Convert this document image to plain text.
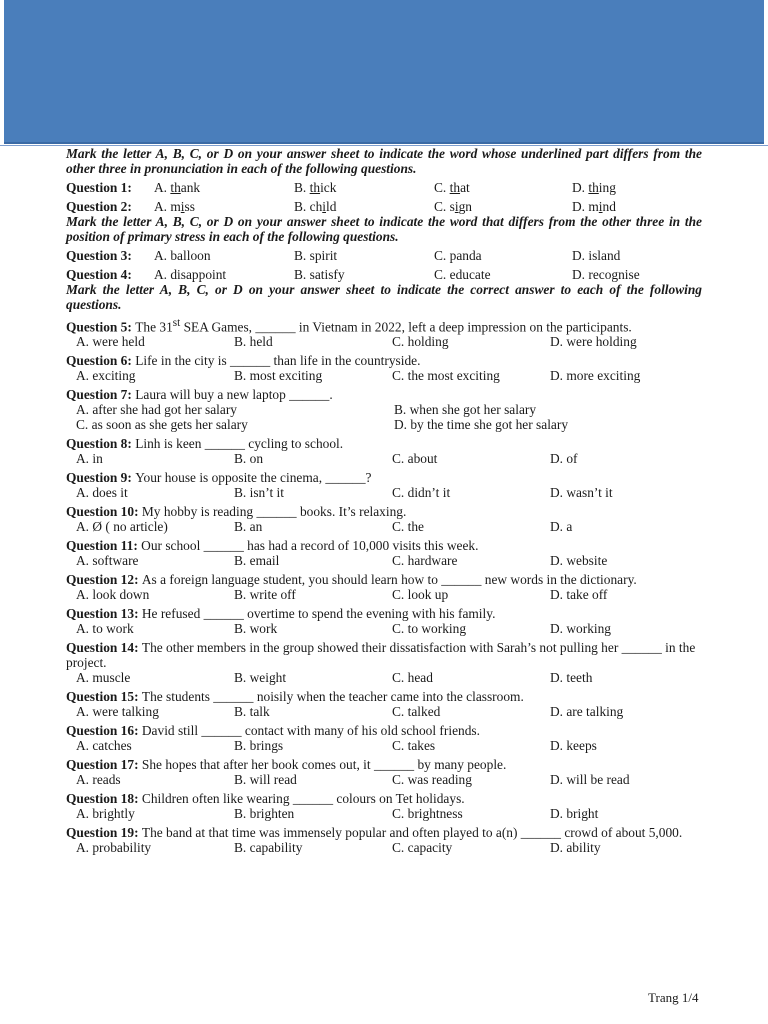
Mark the letter A, B, C, or D on your answer sheet to indicate the word whose underlined part differs from the other three in pronunciation in each of the following questions.
Question 1:	A. thank	B. thick	C. that	D. thing
Question 2:	A. miss	B. child	C. sign	D. mind
Mark the letter A, B, C, or D on your answer sheet to indicate the word that differs from the other three in the position of primary stress in each of the following questions.
Question 3:	A. balloon	B. spirit	C. panda	D. island
Question 4:	A. disappoint	B. satisfy	C. educate	D. recognise
Mark the letter A, B, C, or D on your answer sheet to indicate the correct answer to each of the following questions.
Question 5: The 31st SEA Games, ______ in Vietnam in 2022, left a deep impression on the participants.
A. were held	B. held	C. holding	D. were holding
Question 6: Life in the city is ______ than life in the countryside.
A. exciting	B. most exciting	C. the most exciting	D. more exciting
Question 7: Laura will buy a new laptop ______.
A. after she had got her salary	B. when she got her salary
C. as soon as she gets her salary	D. by the time she got her salary
Question 8: Linh is keen ______ cycling to school.
A. in	B. on	C. about	D. of
Question 9: Your house is opposite the cinema, ______?
A. does it	B. isn’t it	C. didn’t it	D. wasn’t it
Question 10: My hobby is reading ______ books. It’s relaxing.
A. Ø ( no article)	B. an	C. the	D. a
Question 11: Our school ______ has had a record of 10,000 visits this week.
A. software	B. email	C. hardware	D. website
Question 12: As a foreign language student, you should learn how to ______ new words in the dictionary.
A. look down	B. write off	C. look up	D. take off
Question 13: He refused ______ overtime to spend the evening with his family.
A. to work	B. work	C. to working	D. working
Question 14: The other members in the group showed their dissatisfaction with Sarah’s not pulling her ______ in the project.
A. muscle	B. weight	C. head	D. teeth
Question 15: The students ______ noisily when the teacher came into the classroom.
A. were talking	B. talk	C. talked	D. are talking
Question 16: David still ______ contact with many of his old school friends.
A. catches	B. brings	C. takes	D. keeps
Question 17: She hopes that after her book comes out, it ______ by many people.
A. reads	B. will read	C. was reading	D. will be read
Question 18: Children often like wearing ______ colours on Tet holidays.
A. brightly	B. brighten	C. brightness	D. bright
Question 19: The band at that time was immensely popular and often played to a(n) ______ crowd of about 5,000.
A. probability	B. capability	C. capacity	D. ability
Trang 1/4
